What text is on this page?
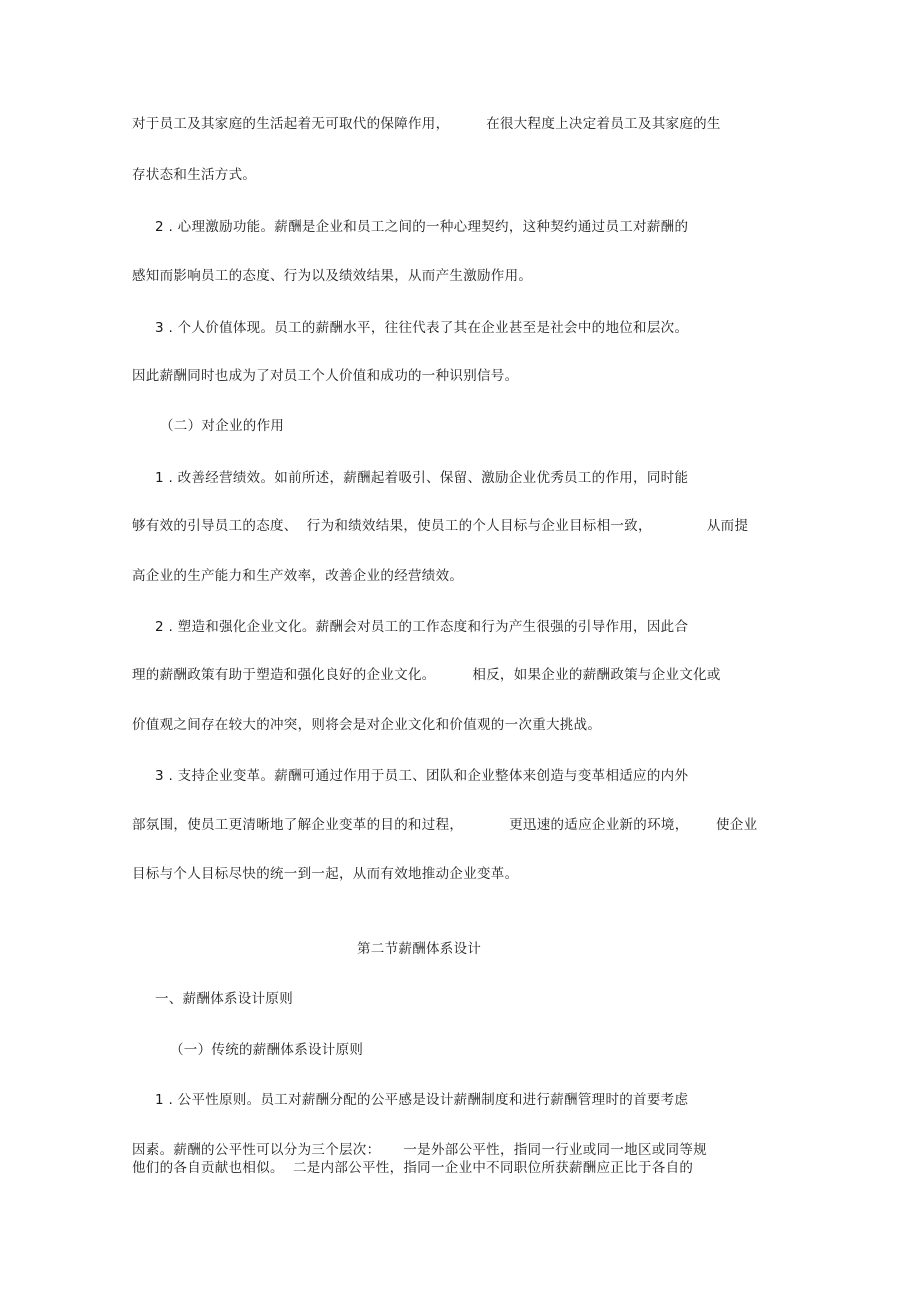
对于员工及其家庭的生活起着无可取代的保障作用，        在很大程度上决定着员工及其家庭的生
存状态和生活方式。
2 . 心理激励功能。薪酬是企业和员工之间的一种心理契约，这种契约通过员工对薪酬的
感知而影响员工的态度、行为以及绩效结果，从而产生激励作用。
3 . 个人价值体现。员工的薪酬水平，往往代表了其在企业甚至是社会中的地位和层次。
因此薪酬同时也成为了对员工个人价值和成功的一种识别信号。
（二）对企业的作用
1 . 改善经营绩效。如前所述，薪酬起着吸引、保留、激励企业优秀员工的作用，同时能
够有效的引导员工的态度、  行为和绩效结果，使员工的个人目标与企业目标相一致，            从而提
高企业的生产能力和生产效率，改善企业的经营绩效。
2 . 塑造和强化企业文化。薪酬会对员工的工作态度和行为产生很强的引导作用，因此合
理的薪酬政策有助于塑造和强化良好的企业文化。        相反，如果企业的薪酬政策与企业文化或
价值观之间存在较大的冲突，则将会是对企业文化和价值观的一次重大挑战。
3 . 支持企业变革。薪酬可通过作用于员工、团队和企业整体来创造与变革相适应的内外
部氛围，使员工更清晰地了解企业变革的目的和过程，          更迅速的适应企业新的环境，      使企业
目标与个人目标尽快的统一到一起，从而有效地推动企业变革。
第二节薪酬体系设计
一、薪酬体系设计原则
（一）传统的薪酬体系设计原则
1 . 公平性原则。员工对薪酬分配的公平感是设计薪酬制度和进行薪酬管理时的首要考虑
因素。薪酬的公平性可以分为三个层次：     一是外部公平性，指同一行业或同一地区或同等规
他们的各自贡献也相似。  二是内部公平性，指同一企业中不同职位所获薪酬应正比于各自的
